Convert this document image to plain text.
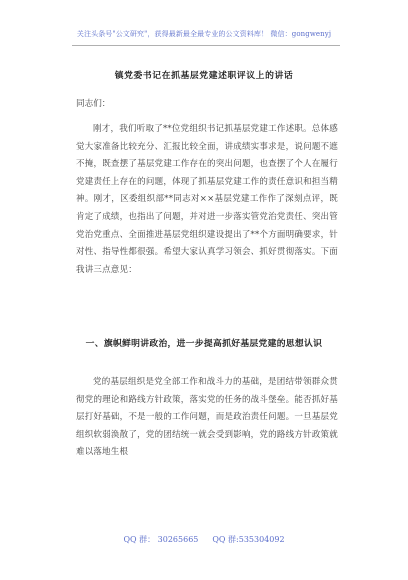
关注头条号"公文研究"，获得最新最全最专业的公文资料库！ 微信：gongwenyj
镇党委书记在抓基层党建述职评议上的讲话
同志们：

刚才，我们听取了**位党组织书记抓基层党建工作述职。总体感觉大家准备比较充分、汇报比较全面，讲成绩实事求是，说问题不遮不掩，既查摆了基层党建工作存在的突出问题，也查摆了个人在履行党建责任上存在的问题，体现了抓基层党建工作的责任意识和担当精神。刚才，区委组织部**同志对××基层党建工作作了深刻点评，既肯定了成绩，也指出了问题，并对进一步落实管党治党责任、突出管党治党重点、全面推进基层党组织建设提出了**个方面明确要求，针对性、指导性都很强。希望大家认真学习领会、抓好贯彻落实。下面我讲三点意见：

一、旗帜鲜明讲政治，进一步提高抓好基层党建的思想认识

党的基层组织是党全部工作和战斗力的基础，是团结带领群众贯彻党的理论和路线方针政策，落实党的任务的战斗堡垒。能否抓好基层打好基础，不是一般的工作问题，而是政治责任问题。一旦基层党组织软弱涣散了，党的团结统一就会受到影响，党的路线方针政策就难以落地生根

QQ 群： 30265665 QQ 群:535304092
